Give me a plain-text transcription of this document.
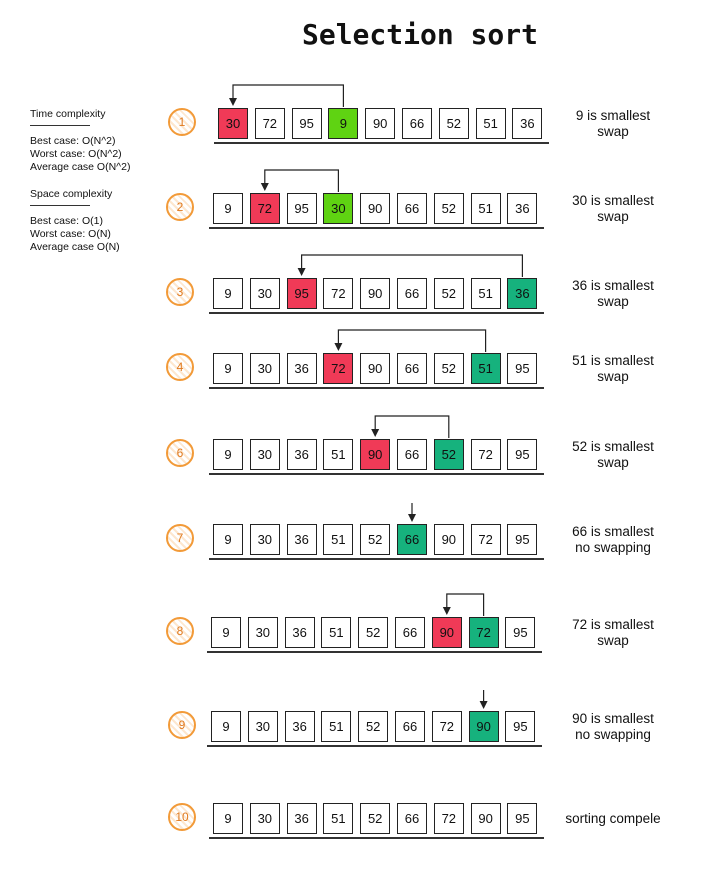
Selection sort
Time complexity
Best case: O(N^2)
Worst case: O(N^2)
Average case O(N^2)
Space complexity
Best case: O(1)
Worst case: O(N)
Average case O(N)
1	30	72	95	9	90	66	52	51	36
9 is smallest
swap
2	9	72	95	30	90	66	52	51	36
30 is smallest
swap
3	9	30	95	72	90	66	52	51	36
36 is smallest
swap
4	9	30	36	72	90	66	52	51	95
51 is smallest
swap
6	9	30	36	51	90	66	52	72	95
52 is smallest
swap
7	9	30	36	51	52	66	90	72	95
66 is smallest
no swapping
8	9	30	36	51	52	66	90	72	95
72 is smallest
swap
9	9	30	36	51	52	66	72	90	95
90 is smallest
no swapping
10	9	30	36	51	52	66	72	90	95	sorting compele
